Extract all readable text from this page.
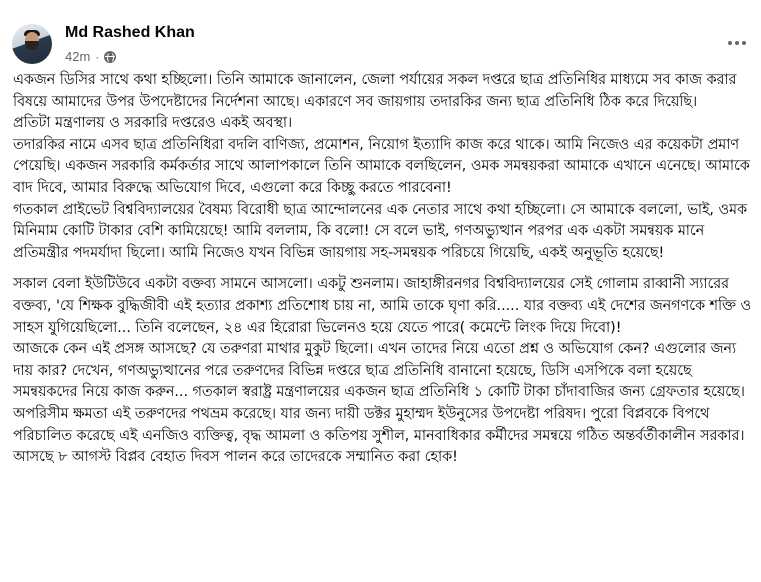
Md Rashed Khan
42m ·

একজন ডিসির সাথে কথা হচ্ছিলো। তিনি আমাকে জানালেন, জেলা পর্যায়ের সকল দপ্তরে ছাত্র প্রতিনিধির মাধ্যমে সব কাজ করার বিষয়ে আমাদের উপর উপদেষ্টাদের নির্দেশনা আছে। একারণে সব জায়গায় তদারকির জন্য ছাত্র প্রতিনিধি ঠিক করে দিয়েছি।
প্রতিটা মন্ত্রণালয় ও সরকারি দপ্তরেও একই অবস্থা।
তদারকির নামে এসব ছাত্র প্রতিনিধিরা বদলি বাণিজ্য, প্রমোশন, নিয়োগ ইত্যাদি কাজ করে থাকে। আমি নিজেও এর কয়েকটা প্রমাণ পেয়েছি। একজন সরকারি কর্মকর্তার সাথে আলাপকালে তিনি আমাকে বলছিলেন, ওমক সমন্বয়করা আমাকে এখানে এনেছে। আমাকে বাদ দিবে, আমার বিরুদ্ধে অভিযোগ দিবে, এগুলো করে কিচ্ছু করতে পারবেনা!
গতকাল প্রাইভেট বিশ্ববিদ্যালয়ের বৈষম্য বিরোধী ছাত্র আন্দোলনের এক নেতার সাথে কথা হচ্ছিলো। সে আমাকে বললো, ভাই, ওমক মিনিমাম কোটি টাকার বেশি কামিয়েছে! আমি বললাম, কি বলো! সে বলে ভাই, গণঅভ্যুত্থান পরপর এক একটা সমন্বয়ক মানে প্রতিমন্ত্রীর পদমর্যাদা ছিলো। আমি নিজেও যখন বিভিন্ন জায়গায় সহ-সমন্বয়ক পরিচয়ে গিয়েছি, একই অনুভূতি হয়েছে!

সকাল বেলা ইউটিউবে একটা বক্তব্য সামনে আসলো। একটু শুনলাম। জাহাঙ্গীরনগর বিশ্ববিদ্যালয়ের সেই গোলাম রাব্বানী স্যারের বক্তব্য, 'যে শিক্ষক বুদ্ধিজীবী এই হত্যার প্রকাশ্য প্রতিশোধ চায় না, আমি তাকে ঘৃণা করি..... যার বক্তব্য এই দেশের জনগণকে শক্তি ও সাহস যুগিয়েছিলো... তিনি বলেছেন, ২৪ এর হিরোরা ভিলেনও হয়ে যেতে পারে( কমেন্টে লিংক দিয়ে দিবো)!
আজকে কেন এই প্রসঙ্গ আসছে? যে তরুণরা মাথার মুকুট ছিলো। এখন তাদের নিয়ে এতো প্রশ্ন ও অভিযোগ কেন? এগুলোর জন্য দায় কার? দেখেন, গণঅভ্যুত্থানের পরে তরুণদের বিভিন্ন দপ্তরে ছাত্র প্রতিনিধি বানানো হয়েছে, ডিসি এসপিকে বলা হয়েছে সমন্বয়কদের নিয়ে কাজ করুন... গতকাল স্বরাষ্ট্র মন্ত্রণালয়ের একজন ছাত্র প্রতিনিধি ১ কোটি টাকা চাঁদাবাজির জন্য গ্রেফতার হয়েছে। অপরিসীম ক্ষমতা এই তরুণদের পথভ্রম করেছে। যার জন্য দায়ী ডক্টর মুহাম্মদ ইউনুসের উপদেষ্টা পরিষদ। পুরো বিপ্লবকে বিপথে পরিচালিত করেছে এই এনজিও ব্যক্তিত্ব, বৃদ্ধ আমলা ও কতিপয় সুশীল, মানবাধিকার কর্মীদের সমন্বয়ে গঠিত অন্তর্বর্তীকালীন সরকার।
আসছে ৮ আগস্ট বিপ্লব বেহাত দিবস পালন করে তাদেরকে সম্মানিত করা হোক!
